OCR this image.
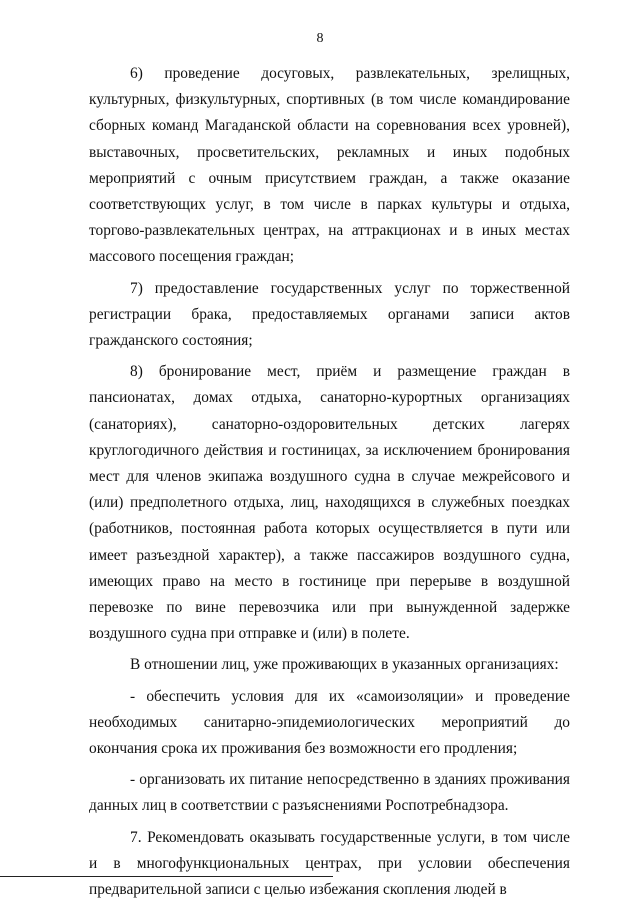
8

6) проведение досуговых, развлекательных, зрелищных, культурных, физкультурных, спортивных (в том числе командирование сборных команд Магаданской области на соревнования всех уровней), выставочных, просветительских, рекламных и иных подобных мероприятий с очным присутствием граждан, а также оказание соответствующих услуг, в том числе в парках культуры и отдыха, торгово-развлекательных центрах, на аттракционах и в иных местах массового посещения граждан;

7) предоставление государственных услуг по торжественной регистрации брака, предоставляемых органами записи актов гражданского состояния;

8) бронирование мест, приём и размещение граждан в пансионатах, домах отдыха, санаторно-курортных организациях (санаториях), санаторно-оздоровительных детских лагерях круглогодичного действия и гостиницах, за исключением бронирования мест для членов экипажа воздушного судна в случае межрейсового и (или) предполетного отдыха, лиц, находящихся в служебных поездках (работников, постоянная работа которых осуществляется в пути или имеет разъездной характер), а также пассажиров воздушного судна, имеющих право на место в гостинице при перерыве в воздушной перевозке по вине перевозчика или при вынужденной задержке воздушного судна при отправке и (или) в полете.

В отношении лиц, уже проживающих в указанных организациях:

- обеспечить условия для их «самоизоляции» и проведение необходимых санитарно-эпидемиологических мероприятий до окончания срока их проживания без возможности его продления;

- организовать их питание непосредственно в зданиях проживания данных лиц в соответствии с разъяснениями Роспотребнадзора.

7. Рекомендовать оказывать государственные услуги, в том числе и в многофункциональных центрах, при условии обеспечения предварительной записи с целью избежания скопления людей в
